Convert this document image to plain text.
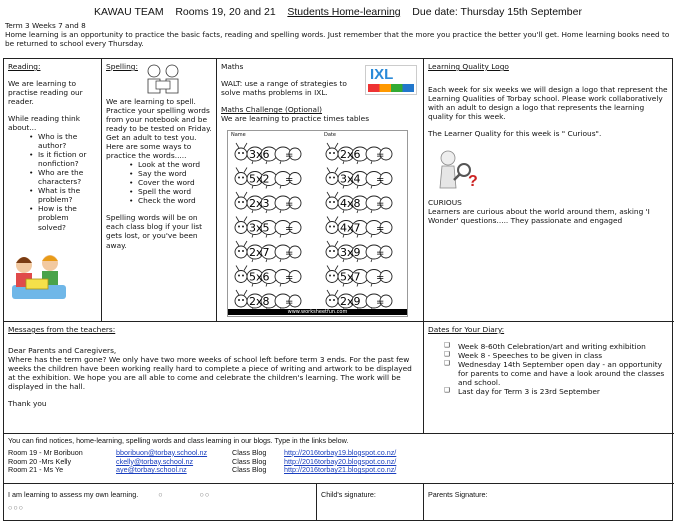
KAWAU TEAM Rooms 19, 20 and 21 Students Home-learning Due date: Thursday 15th September
Term 3 Weeks 7 and 8
Home learning is an opportunity to practice the basic facts, reading and spelling words. Just remember that the more you practice the better you'll get. Home learning books need to be returned to school every Thursday.
Reading:
We are learning to practise reading our reader.
While reading think about...
• Who is the author?
• Is it fiction or nonfiction?
• Who are the characters?
• What is the problem?
• How is the problem solved?
Spelling:
We are learning to spell. Practice your spelling words from your notebook and be ready to be tested on Friday. Get an adult to test you. Here are some ways to practice the words.....
• Look at the word
• Say the word
• Cover the word
• Spell the word
• Check the word
Spelling words will be on each class blog if your list gets lost, or you've been away.
Maths	IXL
WALT: use a range of strategies to solve maths problems in IXL.
Maths Challenge (Optional)
We are learning to practice times tables
Learning Quality Logo
Each week for six weeks we will design a logo that represent the Learning Qualities of Torbay school. Please work collaboratively with an adult to design a logo that represents the learning quality for this week.
The Learner Quality for this week is " Curious".
?
CURIOUS
Learners are curious about the world around them, asking 'I Wonder' questions..... They passionate and engaged
Messages from the teachers:
Dear Parents and Caregivers,
Where has the term gone? We only have two more weeks of school left before term 3 ends. For the past few weeks the children have been working really hard to complete a piece of writing and artwork to be displayed at the exhibition. We hope you are all able to come and celebrate the children's learning. The work will be displayed in the hall.
Thank you
Dates for Your Diary:
❑ Week 8-60th Celebration/art and writing exhibition
❑ Week 8 - Speeches to be given in class
❑ Wednesday 14th September open day - an opportunity for parents to come and have a look around the classes and school.
❑ Last day for Term 3 is 23rd September
You can find notices, home-learning, spelling words and class learning in our blogs. Type in the links below.
Room 19 - Mr Boribuon	bboribuon@torbay.school.nz	Class Blog	http://2016torbay19.blogspot.co.nz/
Room 20 -Mrs Kelly	ckelly@torbay.school.nz	Class Blog	http://2016torbay20.blogspot.co.nz/
Room 21 - Ms Ye	aye@torbay.school.nz	Class Blog	http://2016torbay21.blogspot.co.nz/
I am learning to assess my own learning.	○            ○○
○○○
Child's signature:	Parents Signature:
Name	Date
3x6 =	2x6 =
5x2 =	3x4 =
2x3 =	4x8 =
3x5 =	4x7 =
2x7 =	3x9 =
5x6 =	5x7 =
2x8 =	2x9 =
www.worksheetfun.com
